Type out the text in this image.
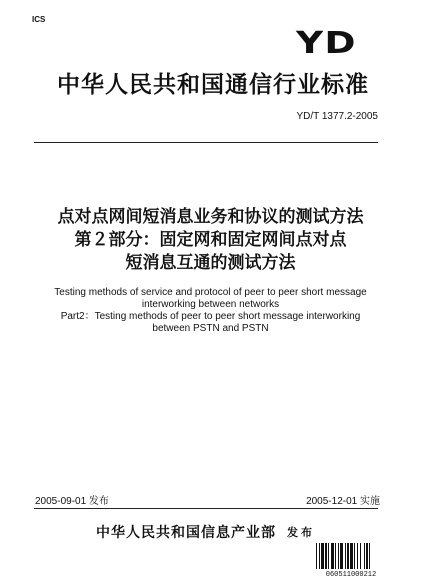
ICS
YD
中华人民共和国通信行业标准
YD/T 1377.2-2005
点对点网间短消息业务和协议的测试方法
第２部分：固定网和固定网间点对点
短消息互通的测试方法
Testing methods of service and protocol of peer to peer short message
interworking between networks
Part2：Testing methods of peer to peer short message interworking
between PSTN and PSTN
2005-09-01 发布	2005-12-01 实施
中华人民共和国信息产业部 发布
060511000212
